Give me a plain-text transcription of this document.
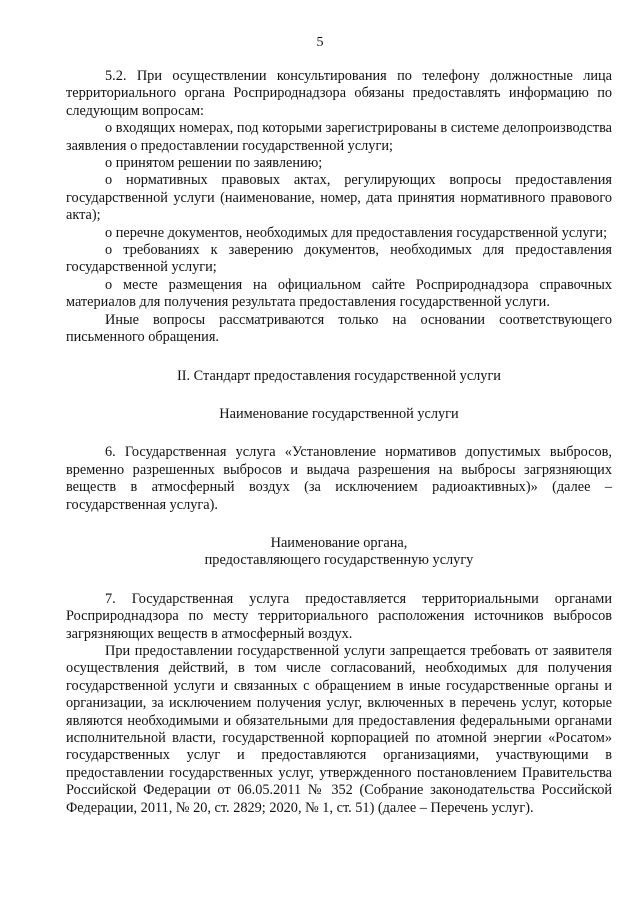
5

5.2. При осуществлении консультирования по телефону должностные лица территориального органа Росприроднадзора обязаны предоставлять информацию по следующим вопросам:

о входящих номерах, под которыми зарегистрированы в системе делопроизводства заявления о предоставлении государственной услуги;

о принятом решении по заявлению;

о нормативных правовых актах, регулирующих вопросы предоставления государственной услуги (наименование, номер, дата принятия нормативного правового акта);

о перечне документов, необходимых для предоставления государственной услуги;

о требованиях к заверению документов, необходимых для предоставления государственной услуги;

о месте размещения на официальном сайте Росприроднадзора справочных материалов для получения результата предоставления государственной услуги.

Иные вопросы рассматриваются только на основании соответствующего письменного обращения.

II. Стандарт предоставления государственной услуги

Наименование государственной услуги

6. Государственная услуга «Установление нормативов допустимых выбросов, временно разрешенных выбросов и выдача разрешения на выбросы загрязняющих веществ в атмосферный воздух (за исключением радиоактивных)» (далее – государственная услуга).

Наименование органа,

предоставляющего государственную услугу

7. Государственная услуга предоставляется территориальными органами Росприроднадзора по месту территориального расположения источников выбросов загрязняющих веществ в атмосферный воздух.

При предоставлении государственной услуги запрещается требовать от заявителя осуществления действий, в том числе согласований, необходимых для получения государственной услуги и связанных с обращением в иные государственные органы и организации, за исключением получения услуг, включенных в перечень услуг, которые являются необходимыми и обязательными для предоставления федеральными органами исполнительной власти, государственной корпорацией по атомной энергии «Росатом» государственных услуг и предоставляются организациями, участвующими в предоставлении государственных услуг, утвержденного постановлением Правительства Российской Федерации от 06.05.2011 № 352 (Собрание законодательства Российской Федерации, 2011, № 20, ст. 2829; 2020, № 1, ст. 51) (далее – Перечень услуг).
